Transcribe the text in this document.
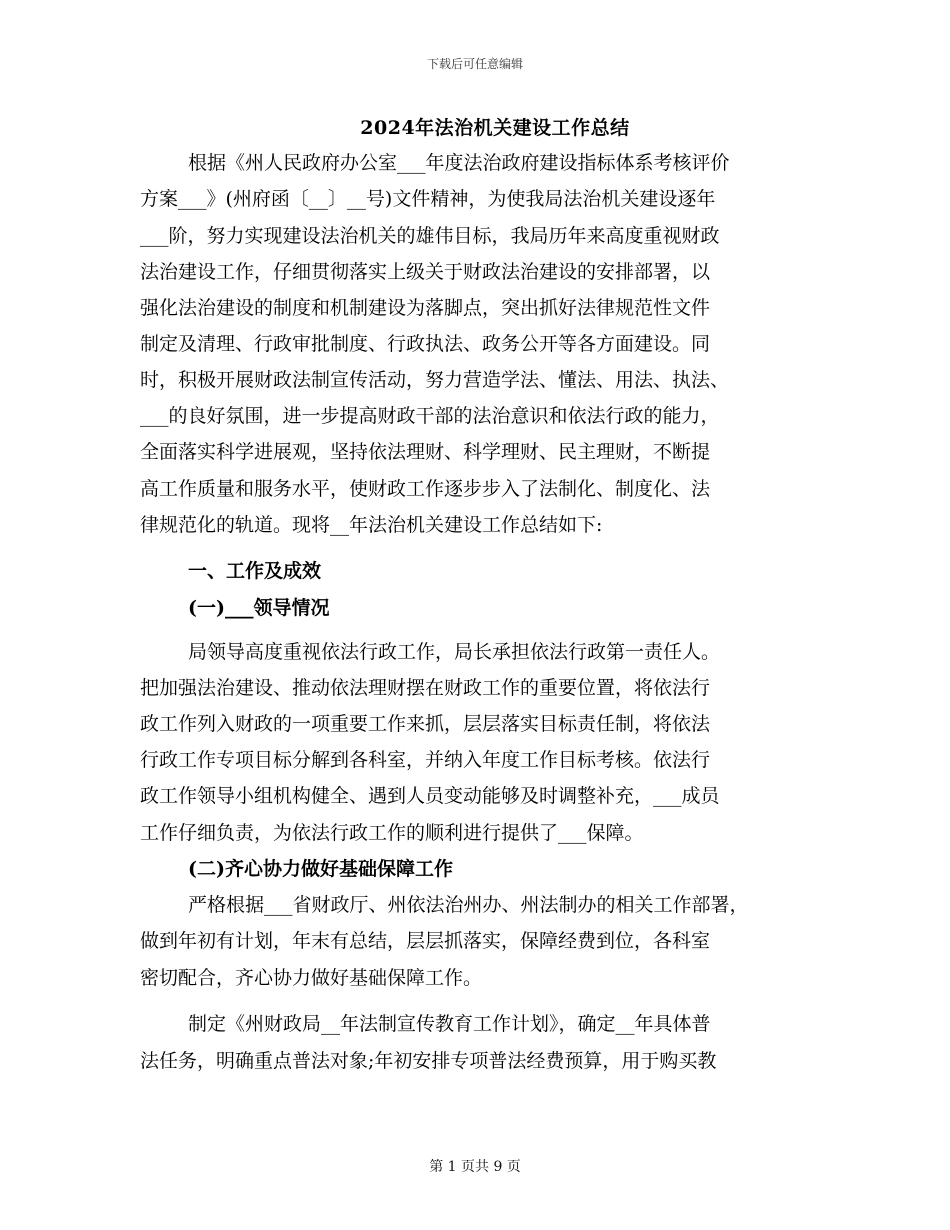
下载后可任意编辑
2024年法治机关建设工作总结
根据《州人民政府办公室___年度法治政府建设指标体系考核评价
方案___》(州府函〔__〕__号)文件精神，为使我局法治机关建设逐年
___阶，努力实现建设法治机关的雄伟目标，我局历年来高度重视财政
法治建设工作，仔细贯彻落实上级关于财政法治建设的安排部署，以
强化法治建设的制度和机制建设为落脚点，突出抓好法律规范性文件
制定及清理、行政审批制度、行政执法、政务公开等各方面建设。同
时，积极开展财政法制宣传活动，努力营造学法、懂法、用法、执法、
___的良好氛围，进一步提高财政干部的法治意识和依法行政的能力，
全面落实科学进展观，坚持依法理财、科学理财、民主理财，不断提
高工作质量和服务水平，使财政工作逐步步入了法制化、制度化、法
律规范化的轨道。现将__年法治机关建设工作总结如下:
一、工作及成效
(一)___领导情况
局领导高度重视依法行政工作，局长承担依法行政第一责任人。
把加强法治建设、推动依法理财摆在财政工作的重要位置，将依法行
政工作列入财政的一项重要工作来抓，层层落实目标责任制，将依法
行政工作专项目标分解到各科室，并纳入年度工作目标考核。依法行
政工作领导小组机构健全、遇到人员变动能够及时调整补充，___成员
工作仔细负责，为依法行政工作的顺利进行提供了___保障。
(二)齐心协力做好基础保障工作
严格根据___省财政厅、州依法治州办、州法制办的相关工作部署，
做到年初有计划，年末有总结，层层抓落实，保障经费到位，各科室
密切配合，齐心协力做好基础保障工作。
制定《州财政局__年法制宣传教育工作计划》，确定__年具体普
法任务，明确重点普法对象;年初安排专项普法经费预算，用于购买教
第 1 页共 9 页
